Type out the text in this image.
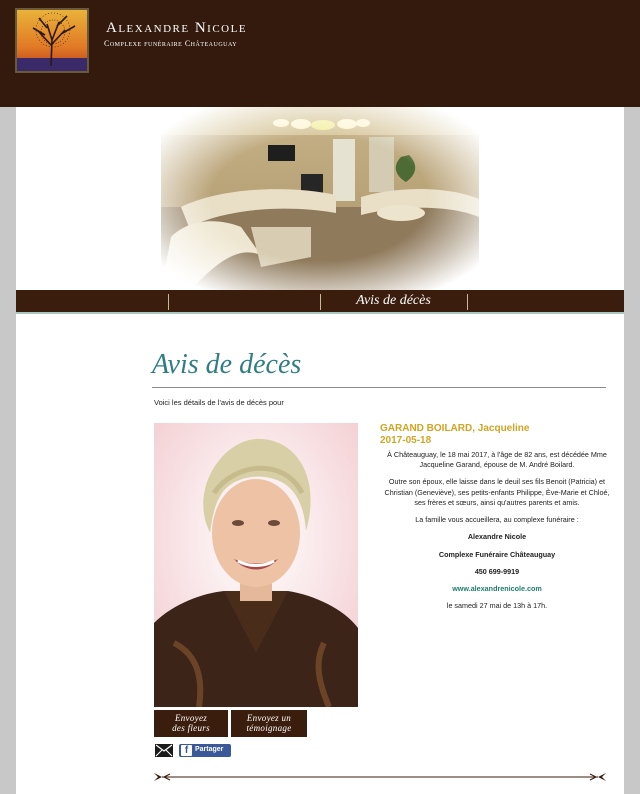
Alexandre Nicole
Complexe funéraire Châteauguay
Avis de décès
Avis de décès
Voici les détails de l'avis de décès pour
GARAND BOILARD, Jacqueline
2017-05-18

À Châteauguay, le 18 mai 2017, à l'âge de 82 ans, est décédée Mme Jacqueline Garand, épouse de M. André Boilard.

Outre son époux, elle laisse dans le deuil ses fils Benoit (Patricia) et Christian (Geneviève), ses petits-enfants Philippe, Ève-Marie et Chloé, ses frères et sœurs, ainsi qu'autres parents et amis.

La famille vous accueillera, au complexe funéraire :

Alexandre Nicole

Complexe Funéraire Châteauguay

450 699-9919

www.alexandrenicole.com

le samedi 27 mai de 13h à 17h.

Envoyez
des fleurs
Envoyez un
témoignage
f Partager
